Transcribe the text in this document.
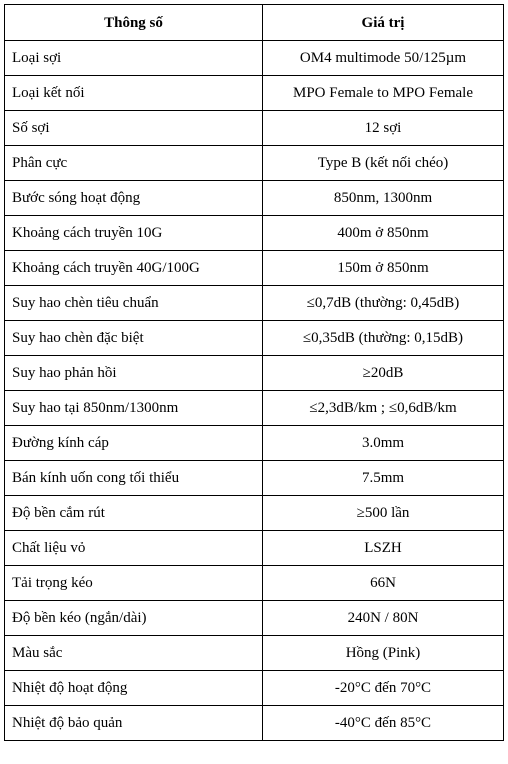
Thông số	Giá trị
Loại sợi	OM4 multimode 50/125µm
Loại kết nối	MPO Female to MPO Female
Số sợi	12 sợi
Phân cực	Type B (kết nối chéo)
Bước sóng hoạt động	850nm, 1300nm
Khoảng cách truyền 10G	400m ở 850nm
Khoảng cách truyền 40G/100G	150m ở 850nm
Suy hao chèn tiêu chuẩn	≤0,7dB (thường: 0,45dB)
Suy hao chèn đặc biệt	≤0,35dB (thường: 0,15dB)
Suy hao phản hồi	≥20dB
Suy hao tại 850nm/1300nm	≤2,3dB/km ; ≤0,6dB/km
Đường kính cáp	3.0mm
Bán kính uốn cong tối thiểu	7.5mm
Độ bền cắm rút	≥500 lần
Chất liệu vỏ	LSZH
Tải trọng kéo	66N
Độ bền kéo (ngắn/dài)	240N / 80N
Màu sắc	Hồng (Pink)
Nhiệt độ hoạt động	-20°C đến 70°C
Nhiệt độ bảo quản	-40°C đến 85°C
